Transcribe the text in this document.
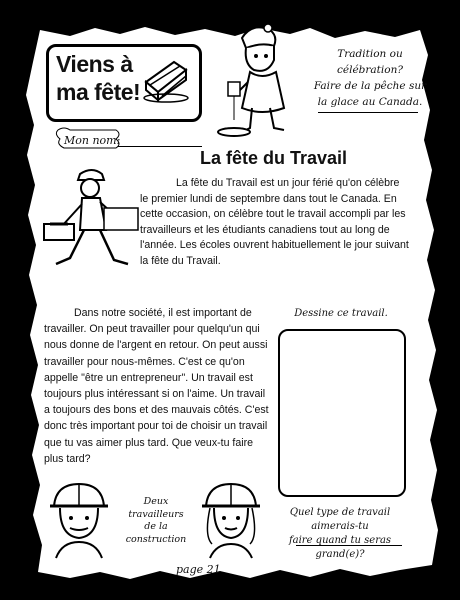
Viens à
ma fête!
Tradition ou
célébration?
Faire de la pêche sur
la glace au Canada.
Mon nom:
La fête du Travail
La fête du Travail est un jour férié qu'on célèbre le premier lundi de septembre dans tout le Canada. En cette occasion, on célèbre tout le travail accompli par les travailleurs et les étudiants canadiens tout au long de l'année. Les écoles ouvrent habituellement le jour suivant la fête du Travail.
Dans notre société, il est important de travailler. On peut travailler pour quelqu'un qui nous donne de l'argent en retour. On peut aussi travailler pour nous-mêmes. C'est ce qu'on appelle "être un entrepreneur". Un travail est toujours plus intéressant si on l'aime. Un travail a toujours des bons et des mauvais côtés. C'est donc très important pour toi de choisir un travail que tu vas aimer plus tard. Que veux-tu faire plus tard?
Dessine ce travail.
Quel type de travail aimerais-tu
faire quand tu seras grand(e)?
Deux
travailleurs
de la
construction
page 21
